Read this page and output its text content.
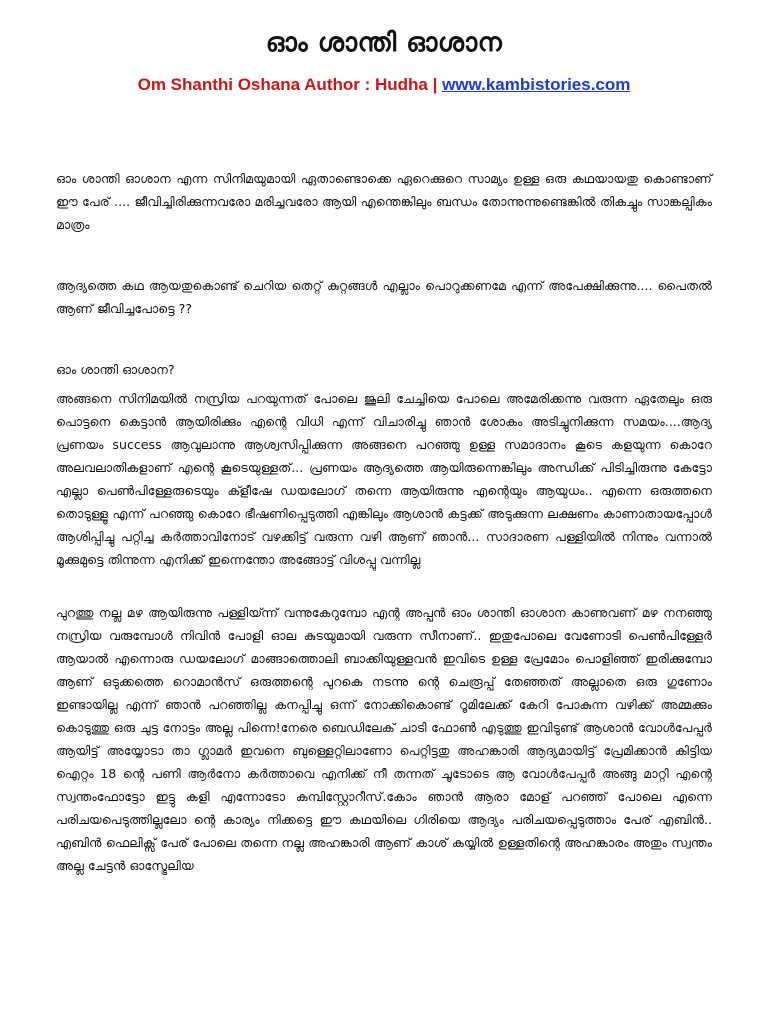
ഓം ശാന്തി ഓശാന
Om Shanthi Oshana Author : Hudha | www.kambistories.com

ഓം ശാന്തി ഓശാന എന്ന സിനിമയുമായി ഏതാണ്ടൊക്കെ ഏറെക്കുറെ സാമ്യം ഉള്ള ഒരു കഥയായതു കൊണ്ടാണ് ഈ പേര് .... ജീവിച്ചിരിക്കുന്നവരോ മരിച്ചവരോ ആയി എന്തെങ്കിലും ബന്ധം തോന്നുന്നുണ്ടെങ്കിൽ തികച്ചും സാങ്കല്പികം മാത്രം

ആദ്യത്തെ കഥ ആയതുകൊണ്ട് ചെറിയ തെറ്റ് കുറ്റങ്ങൾ എല്ലാം പൊറുക്കണമേ എന്ന് അപേക്ഷിക്കുന്നു.... പൈതൽ ആണ് ജീവിച്ചപോട്ടെ ??

ഓം ശാന്തി ഓശാന?

അങ്ങനെ സിനിമയിൽ നസ്രിയ പറയുന്നത് പോലെ ജൂലി ചേച്ചിയെ പോലെ അമേരിക്കന്നു വരുന്ന ഏതേലും ഒരു പൊട്ടനെ കെട്ടാൻ ആയിരിക്കും എന്റെ വിധി എന്ന് വിചാരിച്ചു ഞാൻ ശോകം അടിച്ചുനിക്കുന്ന സമയം....ആദ്യ പ്രണയം success ആവുലാന്നു ആശ്വസിപ്പിക്കുന്ന അങ്ങനെ പറഞ്ഞു ഉള്ള സമാദാനം കൂടെ കളയുന്ന കൊറേ അലവലാതികളാണ് എന്റെ കൂടെയുള്ളത്... പ്രണയം ആദ്യത്തെ ആയിരുന്നെങ്കിലും അന്ധിക്ക് പിടിച്ചിരുന്നു കേട്ടോ എല്ലാ പെൺപിള്ളേരുടെയും ക്ളീഷേ ഡയലോഗ് തന്നെ ആയിരുന്നു എന്റെയും ആയുധം.. എന്നെ ഒരുത്തനെ തൊടുള്ളൂ എന്ന് പറഞ്ഞു കൊറേ ഭീഷണിപ്പെടുത്തി എങ്കിലും ആശാൻ കട്ടക്ക് അടുക്കുന്ന ലക്ഷണം കാണാതായപ്പോൾ ആശിപ്പിച്ചു പറ്റിച്ച കർത്താവിനോട് വഴക്കിട്ട് വരുന്ന വഴി ആണ് ഞാൻ... സാദാരണ പള്ളിയിൽ നിന്നും വന്നാൽ മൂക്കുമുട്ടെ തിന്നുന്ന എനിക്ക് ഇന്നെന്തോ അങ്ങോട്ട് വിശപ്പു വന്നില്ല

പുറത്തു നല്ല മഴ ആയിരുന്നു പള്ളിയ്ന്ന് വന്നുകേറുമ്പോ എന്റ അപ്പൻ ഓം ശാന്തി ഓശാന കാണുവണ് മഴ നനഞ്ഞു നസ്രിയ വരുമ്പോൾ നിവിൻ പോളി ഓല കുടയുമായി വരുന്ന സീനാണ്.. ഇതുപോലെ വേണോടി പെൺപിള്ളേർ ആയാൽ എന്നൊരു ഡയലോഗ് മാങ്ങാത്തൊലി ബാക്കിയുള്ളവൻ ഇവിടെ ഉള്ള പ്രേമോം പൊളിഞ്ഞ് ഇരിക്കുമ്പോ ആണ് ഒടുക്കത്തെ റൊമാൻസ് ഒരുത്തന്റെ പുറകെ നടന്നു ന്റെ ചെരൂപ്പ് തേഞ്ഞത് അല്ലാതെ ഒരു ഗുണോം ഇണ്ടായില്ല എന്ന് ഞാൻ പറഞ്ഞില്ല കനപ്പിച്ചു ഒന്ന് നോക്കികൊണ്ട് റൂമിലേക്ക് കേറി പോകുന്ന വഴിക്ക് അമ്മക്കും കൊടുത്തു ഒരു ചുട്ട നോട്ടം അല്ല പിന്നെ!നേരെ ബെഡിലേക് ചാടി ഫോൺ എടുത്തു ഇവിടുണ്ട് ആശാൻ വോൾപേപ്പർ ആയിട്ട് അയ്യോടാ താ ഗ്ലാമർ ഇവനെ ബുള്ളെറ്റിലാണോ പെറ്റിട്ടതു അഹങ്കാരി ആദ്യമായിട്ട് പ്രേമിക്കാൻ കിട്ടിയ ഐറ്റം 18 ന്റെ പണി ആർനോ കർത്താവെ എനിക്ക് നീ തന്നത് ചൂടോടെ ആ വോൾപേപ്പർ അങ്ങു മാറ്റി എന്റെ സ്വന്തംഫോട്ടോ ഇട്ടു കളി എന്നോടോ കമ്പിസ്റ്റോറീസ്.കോം ഞാൻ ആരാ മോള് പറഞ്ഞ് പോലെ എന്നെ പരിചയപെടുത്തില്ലലോ ന്റെ കാര്യം നിക്കട്ടെ ഈ കഥയിലെ ഗിരിയെ ആദ്യം പരിചയപ്പെടുത്താം പേര് എബിൻ.. എബിൻ ഫെലിക്സ് പേര് പോലെ തന്നെ നല്ല അഹങ്കാരി ആണ് കാശ് കയ്യിൽ ഉള്ളതിന്റെ അഹങ്കാരം അതും സ്വന്തം അല്ല ചേട്ടൻ ഓസ്ട്രേലിയ
